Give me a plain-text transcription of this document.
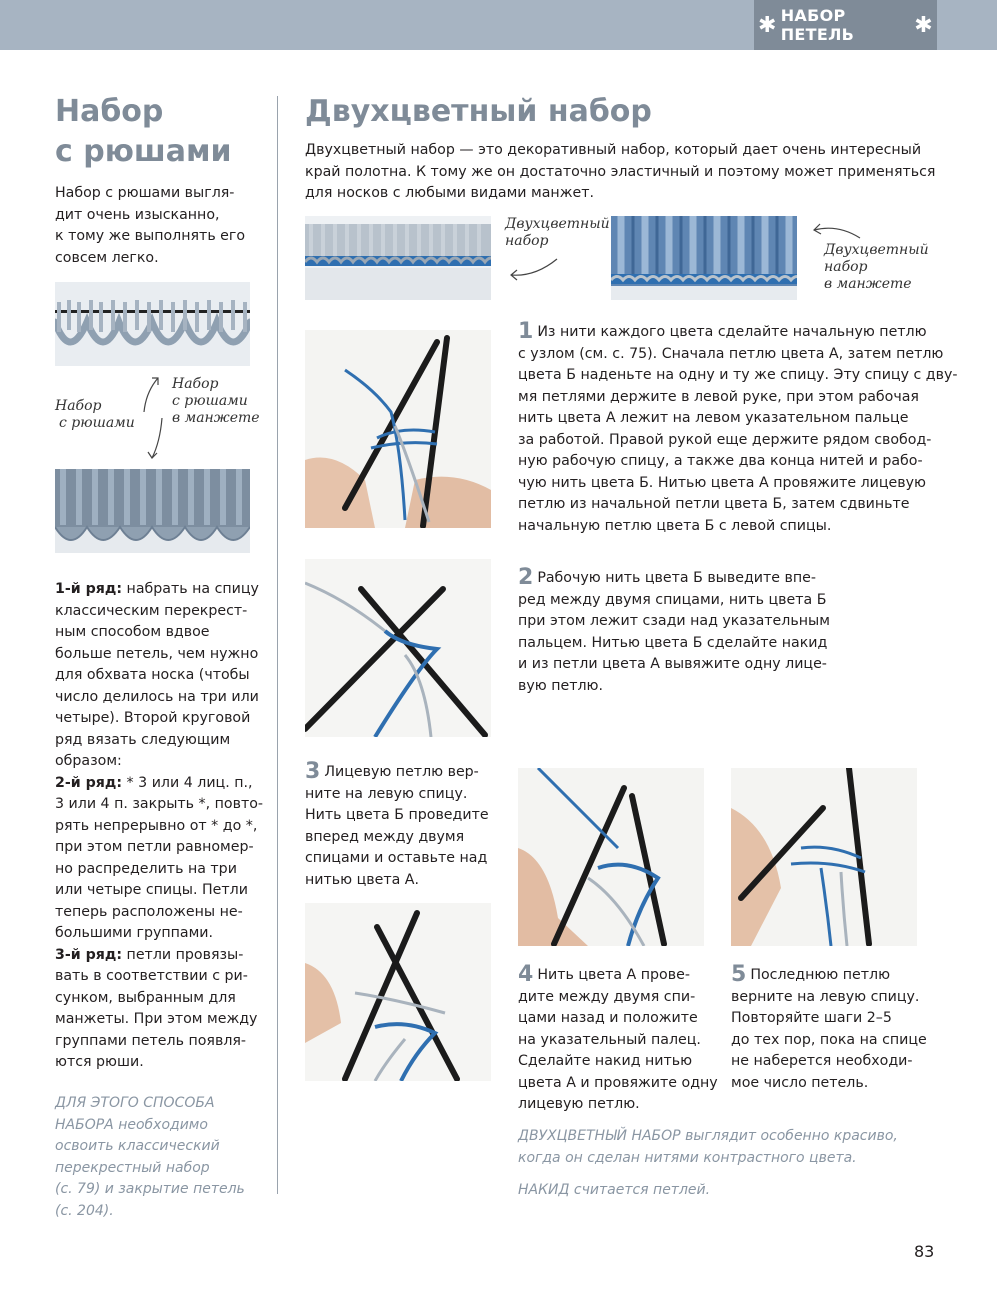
✱ НАБОР ПЕТЕЛЬ	✱
Набор
с рюшами
Набор с рюшами выгля-
дит очень изысканно,
к тому же выполнять его
совсем легко.
Набор
с рюшами
Набор
с рюшами
в манжете
1-й ряд: набрать на спицу
классическим перекрест-
ным способом вдвое
больше петель, чем нужно
для обхвата носка (чтобы
число делилось на три или
четыре). Второй круговой
ряд вязать следующим
образом:
2-й ряд: * 3 или 4 лиц. п.,
3 или 4 п. закрыть *, повто-
рять непрерывно от * до *,
при этом петли равномер-
но распределить на три
или четыре спицы. Петли
теперь расположены не-
большими группами.
3-й ряд: петли провязы-
вать в соответствии с ри-
сунком, выбранным для
манжеты. При этом между
группами петель появля-
ются рюши.
ДЛЯ ЭТОГО СПОСОБА
НАБОРА необходимо
освоить классический
перекрестный набор
(с. 79) и закрытие петель
(с. 204).
Двухцветный набор
Двухцветный набор — это декоративный набор, который дает очень интересный
край полотна. К тому же он достаточно эластичный и поэтому может применяться
для носков с любыми видами манжет.
Двухцветный
набор
Двухцветный
набор
в манжете
1 Из нити каждого цвета сделайте начальную петлю
с узлом (см. с. 75). Сначала петлю цвета А, затем петлю
цвета Б наденьте на одну и ту же спицу. Эту спицу с дву-
мя петлями держите в левой руке, при этом рабочая
нить цвета А лежит на левом указательном пальце
за работой. Правой рукой еще держите рядом свобод-
ную рабочую спицу, а также два конца нитей и рабо-
чую нить цвета Б. Нитью цвета А провяжите лицевую
петлю из начальной петли цвета Б, затем сдвиньте
начальную петлю цвета Б с левой спицы.
2 Рабочую нить цвета Б выведите впе-
ред между двумя спицами, нить цвета Б
при этом лежит сзади над указательным
пальцем. Нитью цвета Б сделайте накид
и из петли цвета А вывяжите одну лице-
вую петлю.
3 Лицевую петлю вер-
ните на левую спицу.
Нить цвета Б проведите
вперед между двумя
спицами и оставьте над
нитью цвета А.
4 Нить цвета А прове-
дите между двумя спи-
цами назад и положите
на указательный палец.
Сделайте накид нитью
цвета А и провяжите одну
лицевую петлю.
5 Последнюю петлю
верните на левую спицу.
Повторяйте шаги 2–5
до тех пор, пока на спице
не наберется необходи-
мое число петель.
ДВУХЦВЕТНЫЙ НАБОР выглядит особенно красиво,
когда он сделан нитями контрастного цвета.
НАКИД считается петлей.
83
